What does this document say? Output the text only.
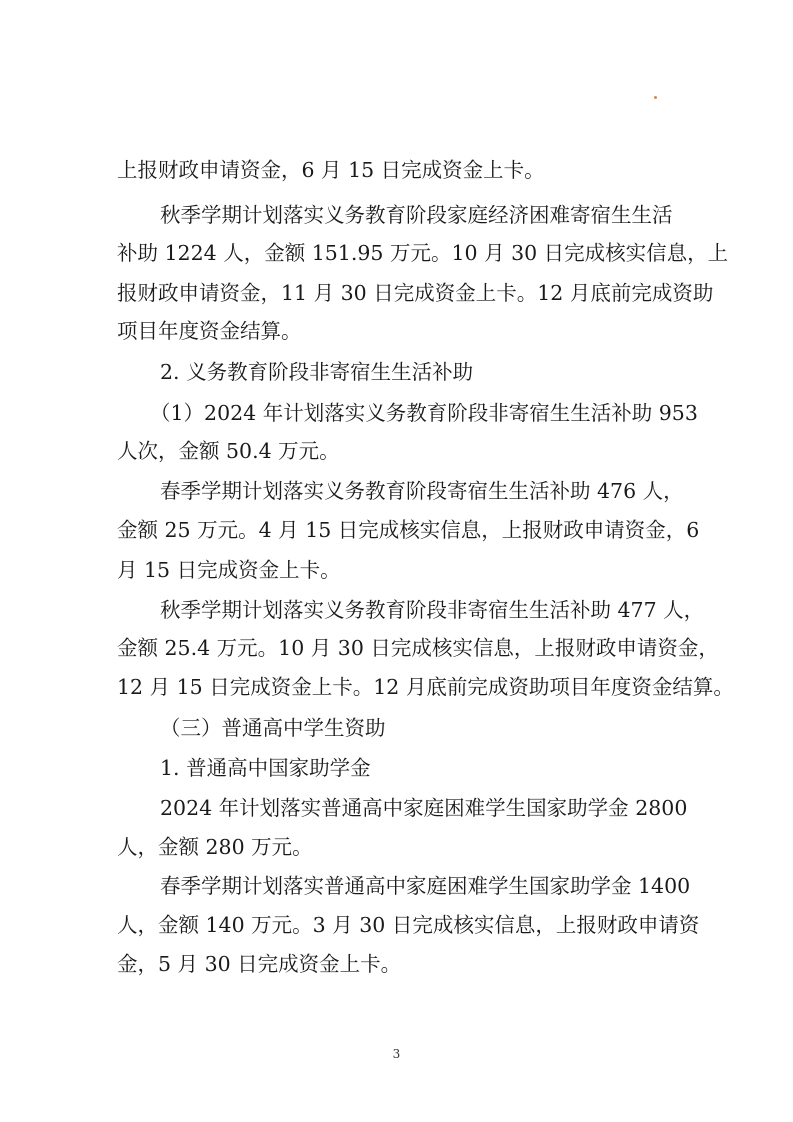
上报财政申请资金，6 月 15 日完成资金上卡。
秋季学期计划落实义务教育阶段家庭经济困难寄宿生生活
补助 1224 人，金额 151.95 万元。10 月 30 日完成核实信息，上
报财政申请资金，11 月 30 日完成资金上卡。12 月底前完成资助
项目年度资金结算。
2. 义务教育阶段非寄宿生生活补助
（1）2024 年计划落实义务教育阶段非寄宿生生活补助 953
人次，金额 50.4 万元。
春季学期计划落实义务教育阶段寄宿生生活补助 476 人，
金额 25 万元。4 月 15 日完成核实信息，上报财政申请资金，6
月 15 日完成资金上卡。
秋季学期计划落实义务教育阶段非寄宿生生活补助 477 人，
金额 25.4 万元。10 月 30 日完成核实信息，上报财政申请资金，
12 月 15 日完成资金上卡。12 月底前完成资助项目年度资金结算。
（三）普通高中学生资助
1. 普通高中国家助学金
2024 年计划落实普通高中家庭困难学生国家助学金 2800
人，金额 280 万元。
春季学期计划落实普通高中家庭困难学生国家助学金 1400
人，金额 140 万元。3 月 30 日完成核实信息，上报财政申请资
金，5 月 30 日完成资金上卡。
3
